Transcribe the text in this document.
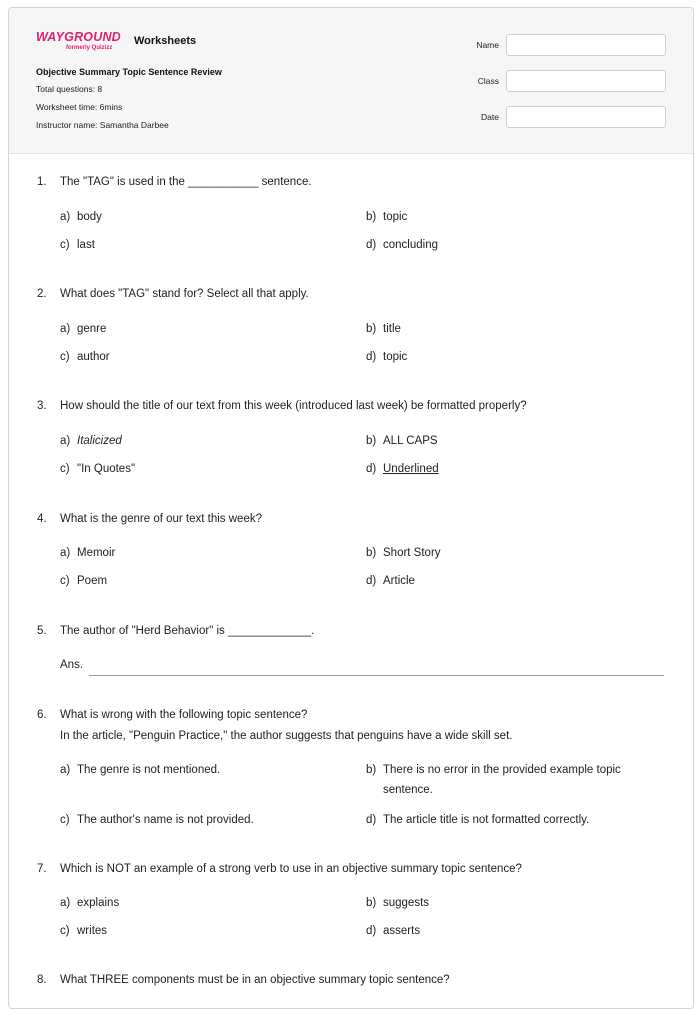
WAYGROUND
formerly Quizizz
Worksheets
Objective Summary Topic Sentence Review
Total questions: 8
Worksheet time: 6mins
Instructor name: Samantha Darbee
Name
Class
Date
1. The "TAG" is used in the ___________ sentence.
a) body	b) topic
c) last	d) concluding
2. What does "TAG" stand for? Select all that apply.
a) genre	b) title
c) author	d) topic
3. How should the title of our text from this week (introduced last week) be formatted properly?
a) Italicized	b) ALL CAPS
c) "In Quotes"	d) Underlined
4. What is the genre of our text this week?
a) Memoir	b) Short Story
c) Poem	d) Article
5. The author of "Herd Behavior" is _____________.
Ans.
6. What is wrong with the following topic sentence?
In the article, "Penguin Practice," the author suggests that penguins have a wide skill set.
a) The genre is not mentioned.	b) There is no error in the provided example topic sentence.
c) The author's name is not provided.	d) The article title is not formatted correctly.
7. Which is NOT an example of a strong verb to use in an objective summary topic sentence?
a) explains	b) suggests
c) writes	d) asserts
8. What THREE components must be in an objective summary topic sentence?
